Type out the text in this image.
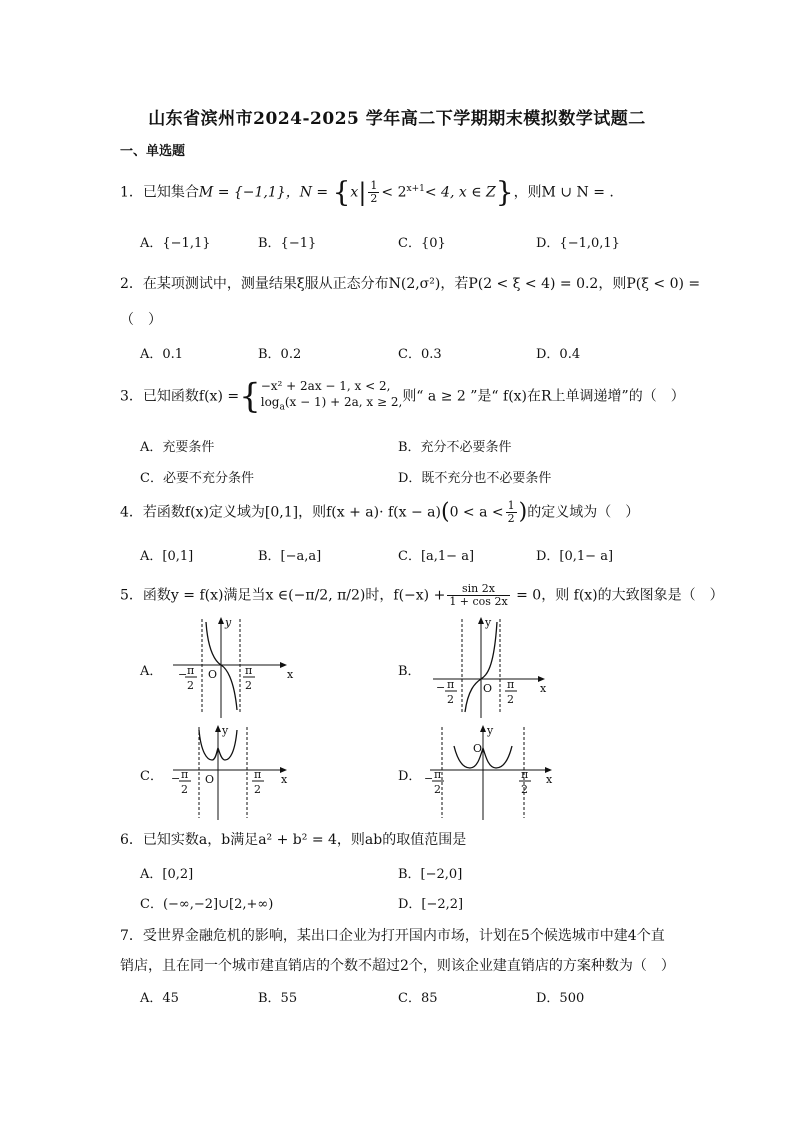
山东省滨州市2024-2025 学年高二下学期期末模拟数学试题二
一、单选题
1．已知集合M = {−1,1}，$N = \{x| \frac{1}{2} < 2^{x+1}< 4$, x ∈ Z}，则M ∪ N = .
A．{−1,1}	B．{−1}	C．{0}	D．{−1,0,1}
2．在某项测试中，测量结果ξ服从正态分布N(2,σ²)，若P(2 < ξ < 4) = 0.2，则P(ξ < 0) =
（　）
A．0.1	B．0.2	C．0.3	D．0.4
3．已知函数f(x) ={ −x² + 2ax − 1, x < 2,
$\log_a(x - 1) + 2a$, x ≥ 2, 则“ a ≥ 2 ”是“ f(x)在R上单调递增”的（　）
A．充要条件	B．充分不必要条件
C．必要不充分条件	D．既不充分也不必要条件
4．若函数f(x)定义域为[0,1]，则$f(x + a)\cdot f(x - a)(0 < a < \frac{1}{2}$ )的定义域为（　）
A．[0,1]	B．[−a,a]	C．[a,1− a]	D．[0,1− a]
5．函数y = f(x)满足当x ∈(−π/2, π/2)时，$f(-x) + \frac{\sin 2x}{1 + \cos 2x} = 0$，则 f(x)的大致图象是（　）
A．	B．
C．	D．
y
x
O
− π
2
π
2
y
x
O
− π
2
π
2
y
x
O
− π
2
π
2
y
x
O
− π
2
π
2
6．已知实数a，b满足a² + b² = 4，则ab的取值范围是
A．[0,2]	B．[−2,0]
C．(−∞,−2]∪[2,+∞)	D．[−2,2]
7．受世界金融危机的影响，某出口企业为打开国内市场，计划在5个候选城市中建4个直
销店，且在同一个城市建直销店的个数不超过2个，则该企业建直销店的方案种数为（　）
A．45	B．55	C．85	D．500
